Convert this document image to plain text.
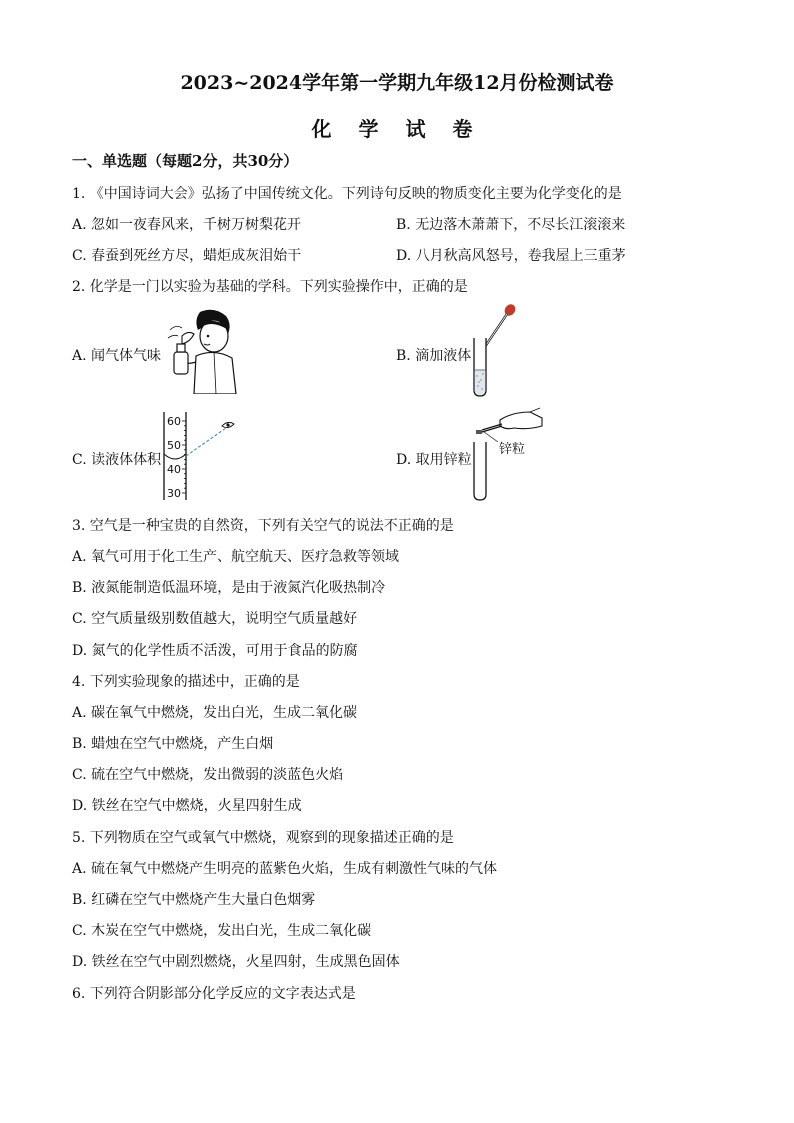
2023~2024学年第一学期九年级12月份检测试卷
化 学 试 卷
一、单选题（每题2分，共30分）
1. 《中国诗词大会》弘扬了中国传统文化。下列诗句反映的物质变化主要为化学变化的是
A. 忽如一夜春风来，千树万树梨花开	B. 无边落木萧萧下，不尽长江滚滚来
C. 春蚕到死丝方尽，蜡炬成灰泪始干	D. 八月秋高风怒号，卷我屋上三重茅
2. 化学是一门以实验为基础的学科。下列实验操作中，正确的是
A. 闻气体气味	B. 滴加液体
C. 读液体体积	D. 取用锌粒
60
50
40
30
锌粒
3. 空气是一种宝贵的自然资，下列有关空气的说法不正确的是
A. 氧气可用于化工生产、航空航天、医疗急救等领域
B. 液氮能制造低温环境，是由于液氮汽化吸热制冷
C. 空气质量级别数值越大，说明空气质量越好
D. 氮气的化学性质不活泼，可用于食品的防腐
4. 下列实验现象的描述中，正确的是
A. 碳在氧气中燃烧，发出白光，生成二氧化碳
B. 蜡烛在空气中燃烧，产生白烟
C. 硫在空气中燃烧，发出微弱的淡蓝色火焰
D. 铁丝在空气中燃烧，火星四射生成
5. 下列物质在空气或氧气中燃烧，观察到的现象描述正确的是
A. 硫在氧气中燃烧产生明亮的蓝紫色火焰，生成有刺激性气味的气体
B. 红磷在空气中燃烧产生大量白色烟雾
C. 木炭在空气中燃烧，发出白光，生成二氧化碳
D. 铁丝在空气中剧烈燃烧，火星四射，生成黑色固体
6. 下列符合阴影部分化学反应的文字表达式是
